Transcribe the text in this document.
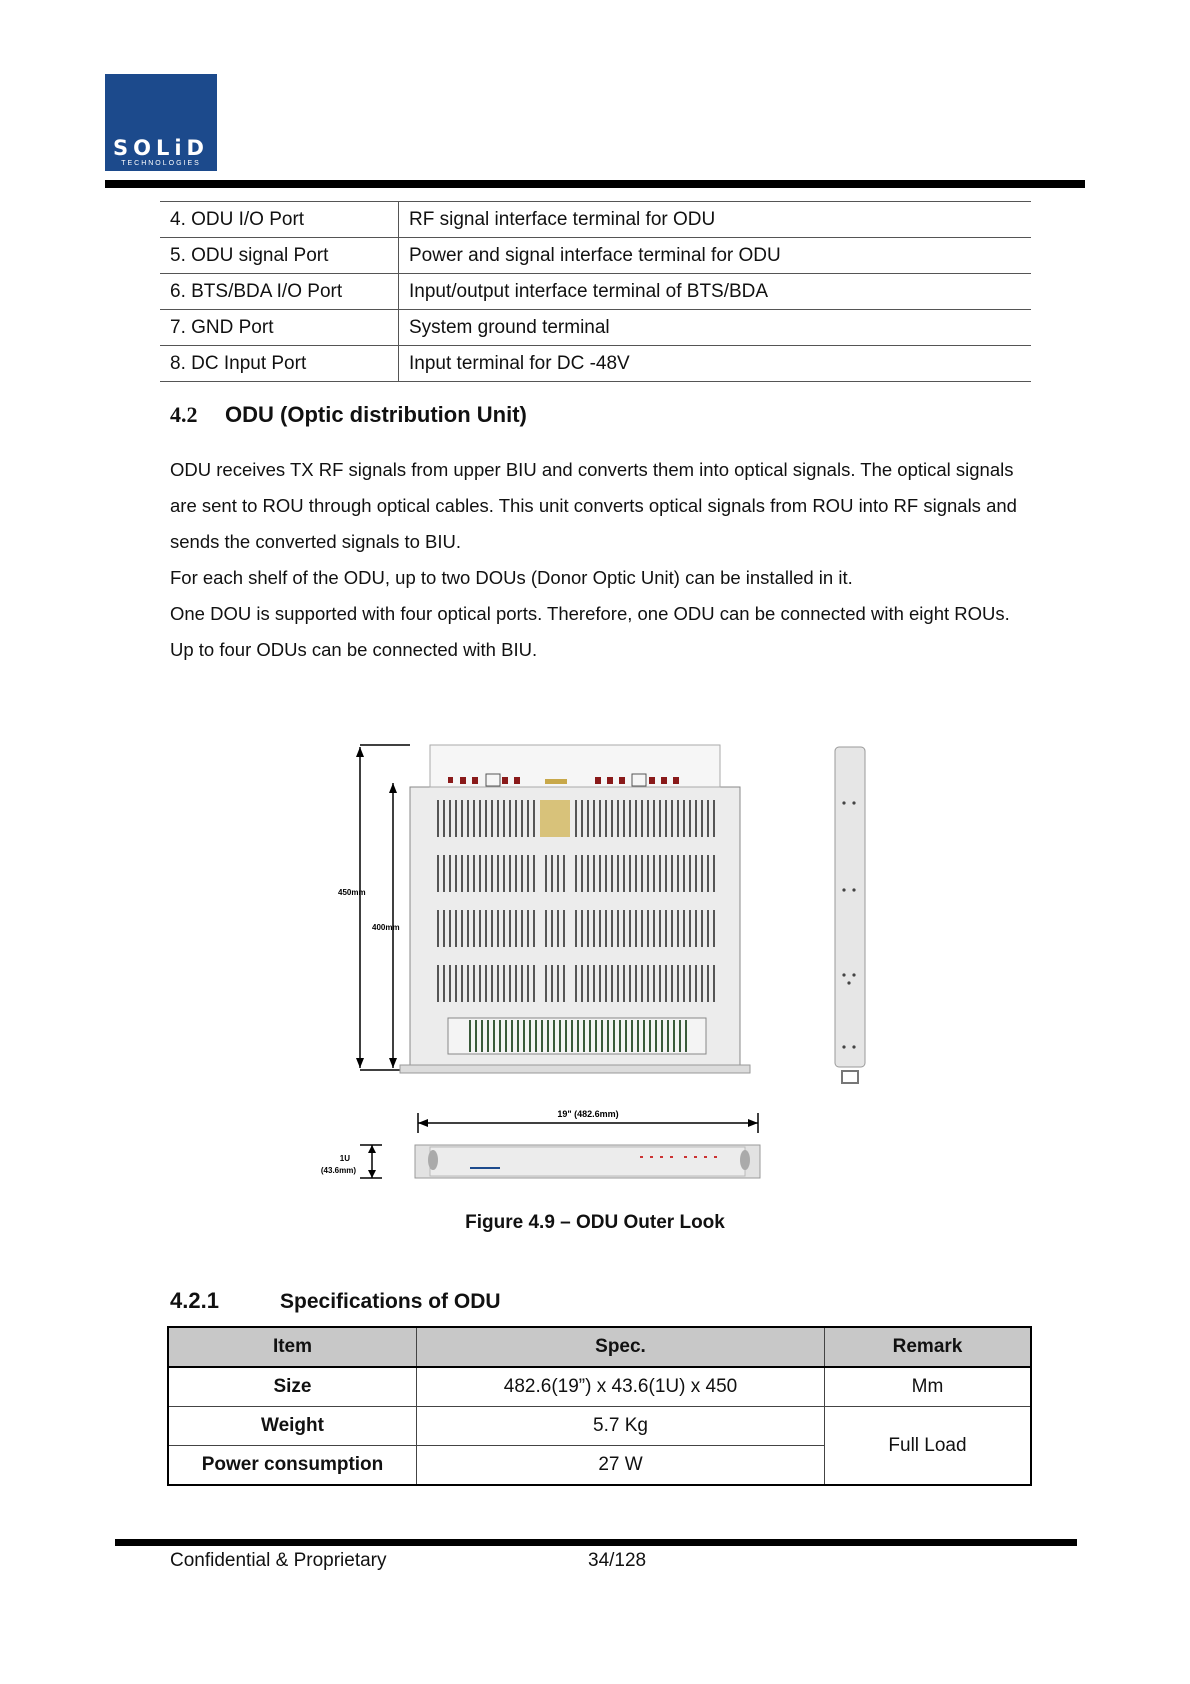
SOLiD
TECHNOLOGIES
4. ODU I/O Port	RF signal interface terminal for ODU
5. ODU signal Port	Power and signal interface terminal for ODU
6. BTS/BDA I/O Port	Input/output interface terminal of BTS/BDA
7. GND Port	System ground terminal
8. DC Input Port	Input terminal for DC -48V
4.2 ODU (Optic distribution Unit)

ODU receives TX RF signals from upper BIU and converts them into optical signals. The optical signals are sent to ROU through optical cables. This unit converts optical signals from ROU into RF signals and sends the converted signals to BIU.

For each shelf of the ODU, up to two DOUs (Donor Optic Unit) can be installed in it.

One DOU is supported with four optical ports. Therefore, one ODU can be connected with eight ROUs.

Up to four ODUs can be connected with BIU.

450mm
400mm
19" (482.6mm)
1U
(43.6mm)
Figure 4.9 – ODU Outer Look
4.2.1	Specifications of ODU
Item	Spec.	Remark
Size	482.6(19”) x 43.6(1U) x 450	Mm
Weight	5.7 Kg	Full Load
Power consumption	27 W	
Confidential & Proprietary	34/128
